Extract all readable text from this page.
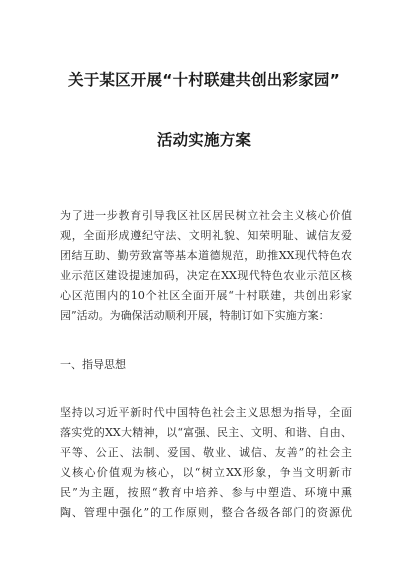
关于某区开展“十村联建共创出彩家园”
活动实施方案
为了进一步教育引导我区社区居民树立社会主义核心价值
观，全面形成遵纪守法、文明礼貌、知荣明耻、诚信友爱
团结互助、勤劳致富等基本道德规范，助推XX现代特色农
业示范区建设提速加码，决定在XX现代特色农业示范区核
心区范围内的10个社区全面开展“十村联建，共创出彩家
园”活动。为确保活动顺利开展，特制订如下实施方案：
一、指导思想
坚持以习近平新时代中国特色社会主义思想为指导，全面
落实党的XX大精神，以“富强、民主、文明、和谐、自由、
平等、公正、法制、爱国、敬业、诚信、友善”的社会主
义核心价值观为核心，以“树立XX形象，争当文明新市
民”为主题，按照“教育中培养、参与中塑造、环境中熏
陶、管理中强化”的工作原则，整合各级各部门的资源优
